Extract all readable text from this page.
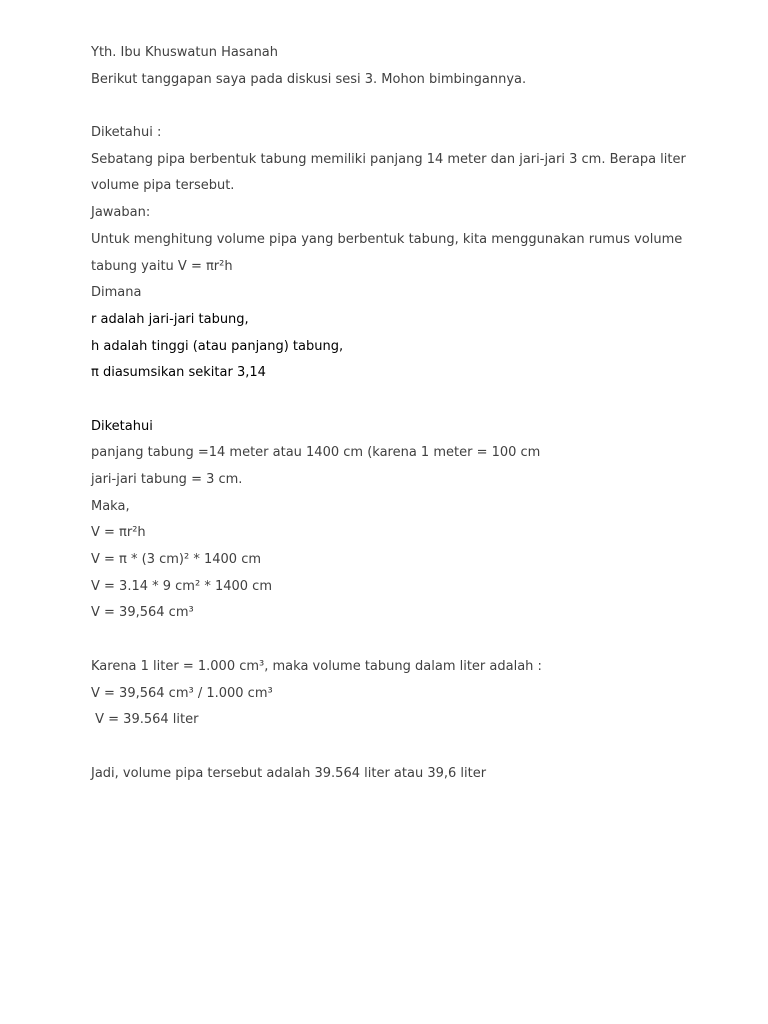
Yth. Ibu Khuswatun Hasanah
Berikut tanggapan saya pada diskusi sesi 3. Mohon bimbingannya.
Diketahui :
Sebatang pipa berbentuk tabung memiliki panjang 14 meter dan jari-jari 3 cm. Berapa liter
volume pipa tersebut.
Jawaban:
Untuk menghitung volume pipa yang berbentuk tabung, kita menggunakan rumus volume
tabung yaitu V = πr²h
Dimana
r adalah jari-jari tabung,
h adalah tinggi (atau panjang) tabung,
π diasumsikan sekitar 3,14
Diketahui
panjang tabung =14 meter atau 1400 cm (karena 1 meter = 100 cm
jari-jari tabung = 3 cm.
Maka,
V = πr²h
V = π * (3 cm)² * 1400 cm
V = 3.14 * 9 cm² * 1400 cm
V = 39,564 cm³
Karena 1 liter = 1.000 cm³, maka volume tabung dalam liter adalah :
V = 39,564 cm³ / 1.000 cm³
V = 39.564 liter
Jadi, volume pipa tersebut adalah 39.564 liter atau 39,6 liter
